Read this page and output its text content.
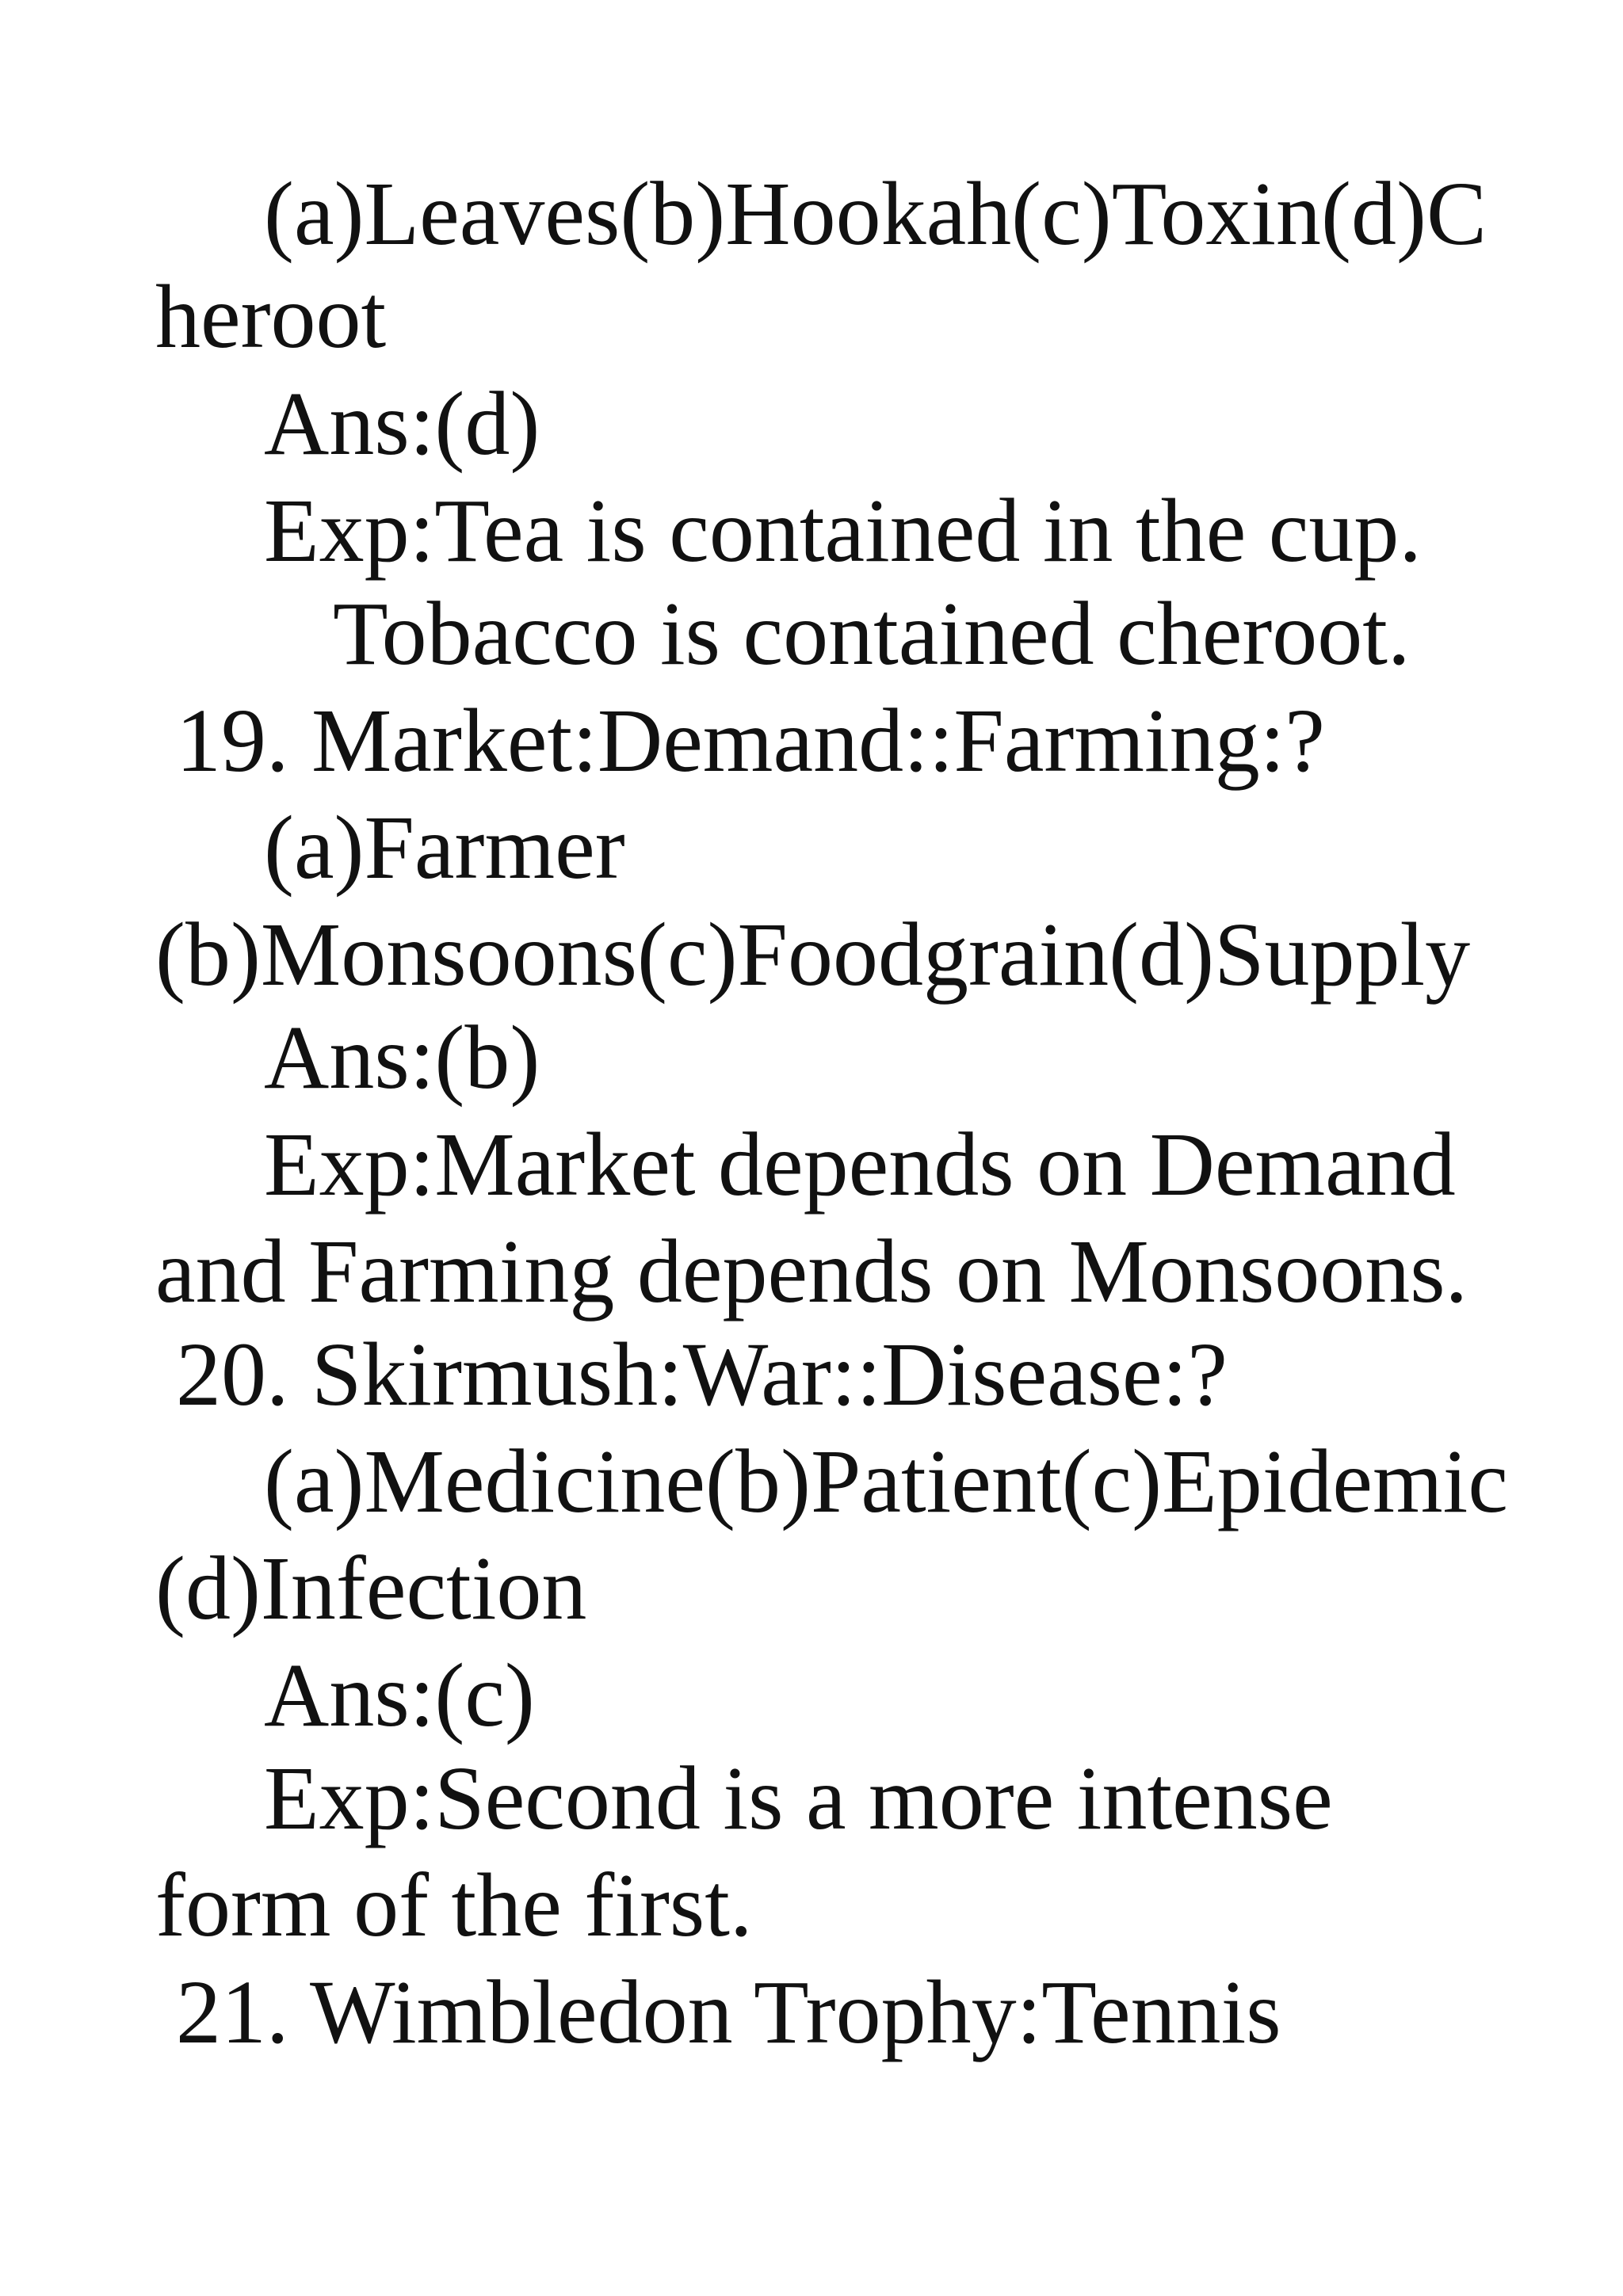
(a)Leaves(b)Hookah(c)Toxin(d)C

heroot

Ans:(d)

Exp:Tea is contained in the cup.

Tobacco is contained cheroot.

19. Market:Demand::Farming:?

(a)Farmer

(b)Monsoons(c)Foodgrain(d)Supply

Ans:(b)

Exp:Market depends on Demand

and Farming depends on Monsoons.

20. Skirmush:War::Disease:?

(a)Medicine(b)Patient(c)Epidemic

(d)Infection

Ans:(c)

Exp:Second is a more intense

form of the first.

21. Wimbledon Trophy:Tennis
